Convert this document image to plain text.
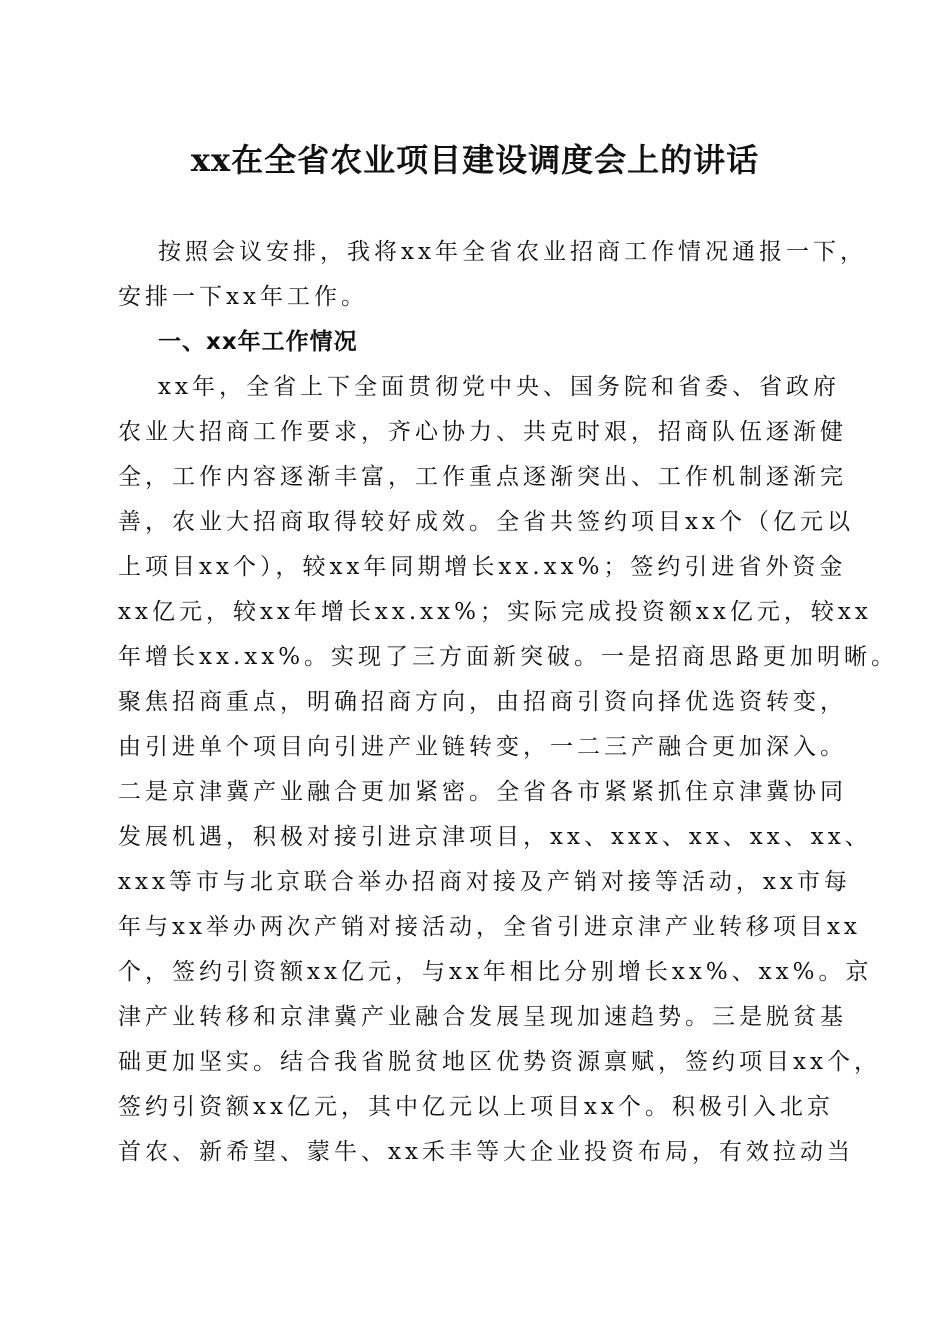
xx在全省农业项目建设调度会上的讲话
按照会议安排，我将xx年全省农业招商工作情况通报一下，
安排一下xx年工作。
一、xx年工作情况
xx年，全省上下全面贯彻党中央、国务院和省委、省政府
农业大招商工作要求，齐心协力、共克时艰，招商队伍逐渐健
全，工作内容逐渐丰富，工作重点逐渐突出、工作机制逐渐完
善，农业大招商取得较好成效。全省共签约项目xx个（亿元以
上项目xx个），较xx年同期增长xx.xx%；签约引进省外资金
xx亿元，较xx年增长xx.xx%；实际完成投资额xx亿元，较xx
年增长xx.xx%。实现了三方面新突破。一是招商思路更加明晰。
聚焦招商重点，明确招商方向，由招商引资向择优选资转变，
由引进单个项目向引进产业链转变，一二三产融合更加深入。
二是京津冀产业融合更加紧密。全省各市紧紧抓住京津冀协同
发展机遇，积极对接引进京津项目，xx、xxx、xx、xx、xx、
xxx等市与北京联合举办招商对接及产销对接等活动，xx市每
年与xx举办两次产销对接活动，全省引进京津产业转移项目xx
个，签约引资额xx亿元，与xx年相比分别增长xx%、xx%。京
津产业转移和京津冀产业融合发展呈现加速趋势。三是脱贫基
础更加坚实。结合我省脱贫地区优势资源禀赋，签约项目xx个，
签约引资额xx亿元，其中亿元以上项目xx个。积极引入北京
首农、新希望、蒙牛、xx禾丰等大企业投资布局，有效拉动当
